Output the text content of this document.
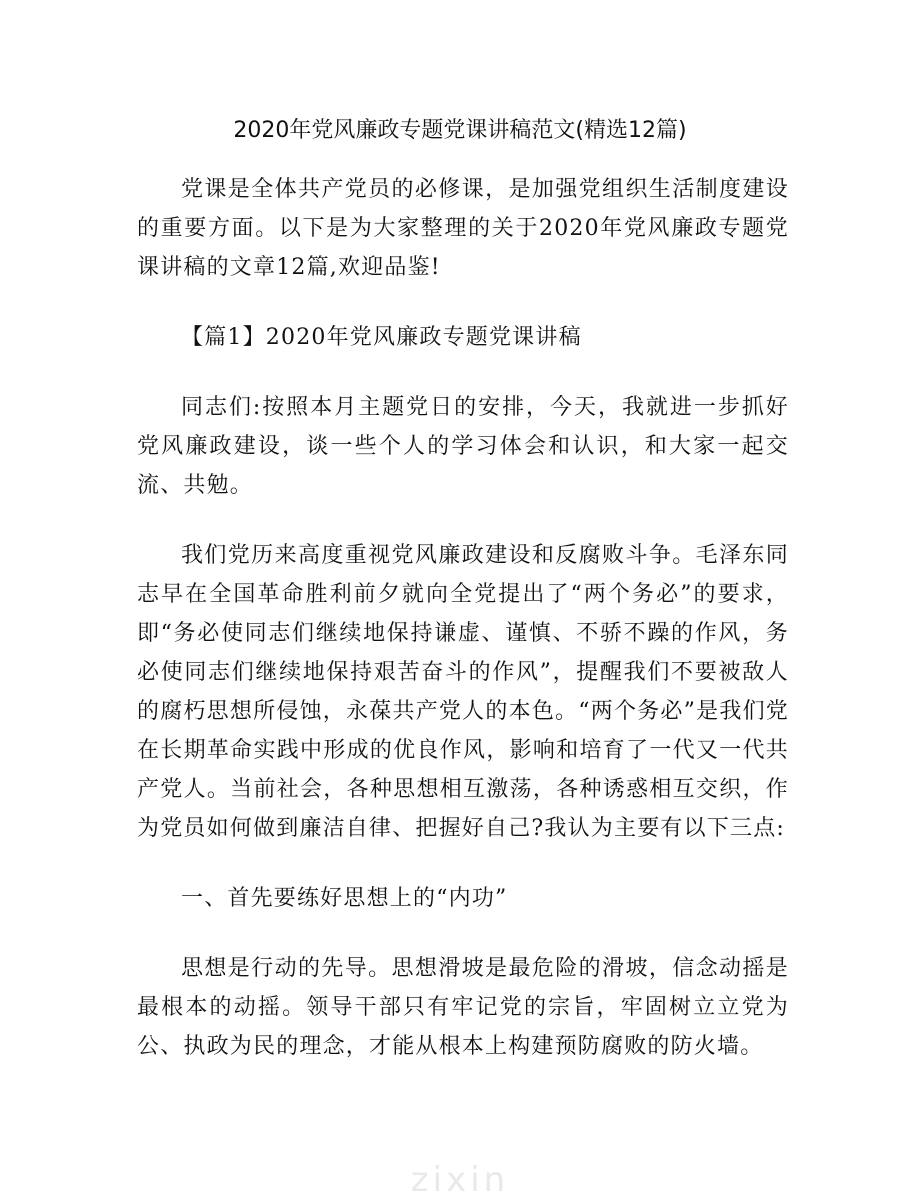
2020年党风廉政专题党课讲稿范文(精选12篇)

党课是全体共产党员的必修课，是加强党组织生活制度建设的重要方面。以下是为大家整理的关于2020年党风廉政专题党课讲稿的文章12篇,欢迎品鉴!

【篇1】2020年党风廉政专题党课讲稿

同志们:按照本月主题党日的安排，今天，我就进一步抓好党风廉政建设，谈一些个人的学习体会和认识，和大家一起交流、共勉。

我们党历来高度重视党风廉政建设和反腐败斗争。毛泽东同志早在全国革命胜利前夕就向全党提出了“两个务必”的要求，即“务必使同志们继续地保持谦虚、谨慎、不骄不躁的作风，务必使同志们继续地保持艰苦奋斗的作风”，提醒我们不要被敌人的腐朽思想所侵蚀，永葆共产党人的本色。“两个务必”是我们党在长期革命实践中形成的优良作风，影响和培育了一代又一代共产党人。当前社会，各种思想相互激荡，各种诱惑相互交织，作为党员如何做到廉洁自律、把握好自己?我认为主要有以下三点:

一、首先要练好思想上的“内功”

思想是行动的先导。思想滑坡是最危险的滑坡，信念动摇是最根本的动摇。领导干部只有牢记党的宗旨，牢固树立立党为公、执政为民的理念，才能从根本上构建预防腐败的防火墙。

zixin
